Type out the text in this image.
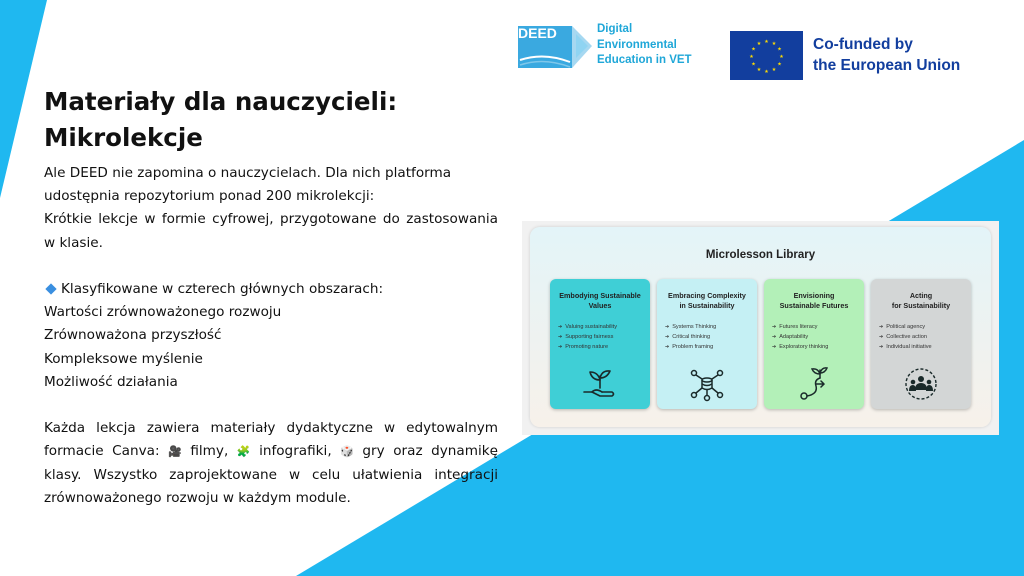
DEED	Digital
Environmental
Education in VET
★ ★
★
★
★
★
★
★
★
★
★
★	Co-funded by
the European Union
Materiały dla nauczycieli:
Mikrolekcje

Ale DEED nie zapomina o nauczycielach. Dla nich platforma udostępnia repozytorium ponad 200 mikrolekcji:

Krótkie lekcje w formie cyfrowej, przygotowane do zastosowania w klasie.

Klasyfikowane w czterech głównych obszarach:

Wartości zrównoważonego rozwoju

Zrównoważona przyszłość

Kompleksowe myślenie

Możliwość działania

Każda lekcja zawiera materiały dydaktyczne w edytowalnym formacie Canva: 🎥 filmy, 🧩 infografiki, 🎲 gry oraz dynamikę klasy. Wszystko zaprojektowane w celu ułatwienia integracji zrównoważonego rozwoju w każdym module.

Microlesson Library
Embodying Sustainable
Values
➔ Valuing sustainability
➔ Supporting fairness
➔ Promoting nature
Embracing Complexity
in Sustainability
➔ Systems Thinking
➔ Critical thinking
➔ Problem framing
Envisioning
Sustainable Futures
➔ Futures literacy
➔ Adaptability
➔ Exploratory thinking
Acting
for Sustainability
➔ Political agency
➔ Collective action
➔ Individual initiative
